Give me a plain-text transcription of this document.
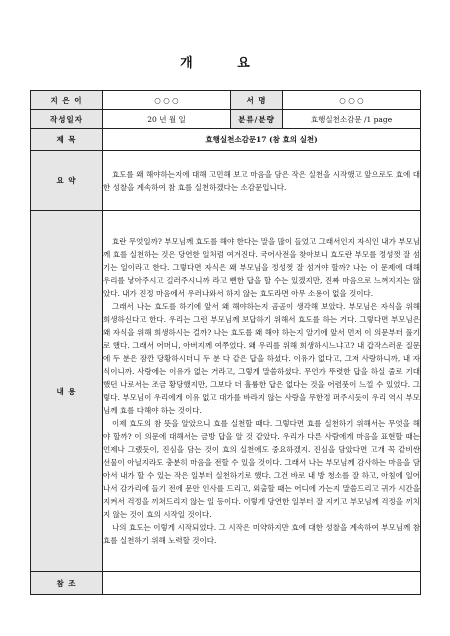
개 요
지 은 이	○ ○ ○	서 명	○ ○ ○
작성일자	20 년 월 일	분류/분량	효행실천소감문 /1 page
제 목	효행실천소감문17 (참 효의 실천)		
요 약	효도를 왜 해야하는지에 대해 고민해 보고 마음을 담은 작은 실천을 시작했고 앞으로도 효에 대한 성찰을 계속하여 참 효를 실천하겠다는 소감문입니다.		

내 용	효란 무엇일까? 부모님께 효도를 해야 한다는 말을 많이 들었고 그래서인지 자식인 내가 부모님께 효를 실천하는 것은 당연한 일처럼 여겨진다. 국어사전을 찾아보니 효도란 부모를 정성껏 잘 섬기는 일이라고 한다. 그렇다면 자식은 왜 부모님을 정성껏 잘 섬겨야 할까? 나는 이 문제에 대해 우리를 낳아주시고 길러주시니까 라고 뻔한 답을 할 수는 있겠지만, 진짜 마음으로 느껴지지는 않았다. 내가 진정 마음에서 우러나와서 하지 않는 효도라면 아무 소용이 없을 것이다.

그래서 나는 효도를 하기에 앞서 왜 해야하는지 곰곰이 생각해 보았다. 부모님은 자식을 위해 희생하신다고 한다. 우리는 그런 부모님께 보답하기 위해서 효도를 하는 거다. 그렇다면 부모님은 왜 자식을 위해 희생하시는 걸까? 나는 효도를 왜 해야 하는지 알기에 앞서 먼저 이 의문부터 풀기로 했다. 그래서 어머니, 아버지께 여쭈었다. 왜 우리를 위해 희생하시느냐고? 내 갑작스러운 질문에 두 분은 잠깐 당황하시더니 두 분 다 같은 답을 하셨다. 이유가 없다고, 그저 사랑하니까, 내 자식이니까. 사랑에는 이유가 없는 거라고, 그렇게 말씀하셨다. 무언가 뚜렷한 답을 하실 줄로 기대했던 나로서는 조금 황당했지만, 그보다 더 훌륭한 답은 없다는 것을 어렴풋이 느낄 수 있었다. 그렇다. 부모님이 우리에게 이유 없고 대가를 바라지 않는 사랑을 무한정 퍼주시듯이 우리 역시 부모님께 효를 다해야 하는 것이다.

이제 효도의 참 뜻을 알았으니 효를 실천할 때다. 그렇다면 효를 실천하기 위해서는 무엇을 해야 할까? 이 의문에 대해서는 금방 답을 알 것 같았다. 우리가 다른 사람에게 마음을 표현할 때는 언제나 그랬듯이, 진심을 담는 것이 효의 실천에도 중요하겠지. 진심을 담았다면 고개 꼭 같비싼 선물이 아닐지라도 충분히 마음을 전할 수 있을 것이다. 그래서 나는 부모님께 감사하는 마음을 담아서 내가 할 수 있는 작은 일부터 실천하기로 했다. 그건 바로 내 방 청소를 잘 하고, 아침에 일어나서 감가리에 들기 전에 문안 인사를 드리고, 외출할 때는 어디에 가는지 말씀드리고 귀가 시간을 지켜서 걱정을 끼쳐드리지 않는 일 등이다. 이렇게 당연한 일부터 잘 지키고 부모님께 걱정을 끼치지 않는 것이 효의 시작일 것이다.

나의 효도는 이렇게 시작되었다. 그 시작은 미약하지만 효에 대한 성찰을 계속하여 부모님께 참 효를 실천하기 위해 노력할 것이다.		

참 조			
